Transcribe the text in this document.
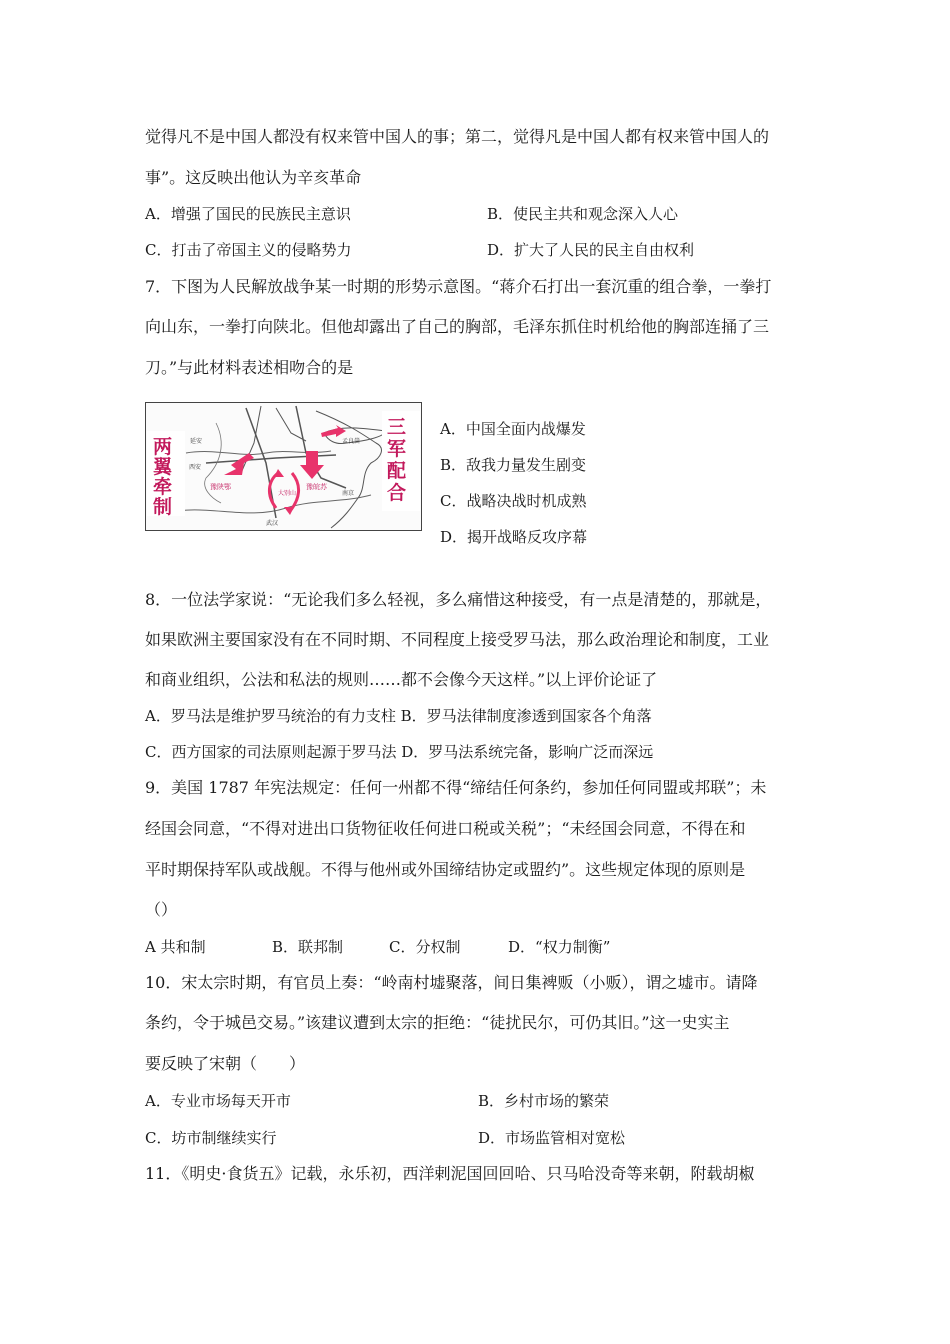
觉得凡不是中国人都没有权来管中国人的事；第二，觉得凡是中国人都有权来管中国人的
事”。这反映出他认为辛亥革命
A．增强了国民的民族民主意识	B．使民主共和观念深入人心
C．打击了帝国主义的侵略势力	D．扩大了人民的民主自由权利
7．下图为人民解放战争某一时期的形势示意图。“蒋介石打出一套沉重的组合拳，一拳打
向山东，一拳打向陕北。但他却露出了自己的胸部，毛泽东抓住时机给他的胸部连捅了三
刀。”与此材料表述相吻合的是
两
翼
牵
制
三
军
配
合
延安
西安
孟良崮
豫陕鄂
大别山
豫皖苏
南京
武汉
A．中国全面内战爆发
B．敌我力量发生剧变
C．战略决战时机成熟
D．揭开战略反攻序幕
8．一位法学家说：“无论我们多么轻视，多么痛惜这种接受，有一点是清楚的，那就是，
如果欧洲主要国家没有在不同时期、不同程度上接受罗马法，那么政治理论和制度，工业
和商业组织，公法和私法的规则……都不会像今天这样。”以上评价论证了
A．罗马法是维护罗马统治的有力支柱 B．罗马法律制度渗透到国家各个角落
C．西方国家的司法原则起源于罗马法 D．罗马法系统完备，影响广泛而深远
9．美国 1787 年宪法规定：任何一州都不得“缔结任何条约，参加任何同盟或邦联”；未
经国会同意，“不得对进出口货物征收任何进口税或关税”；“未经国会同意，不得在和
平时期保持军队或战舰。不得与他州或外国缔结协定或盟约”。这些规定体现的原则是
（）
A 共和制	B．联邦制	C．分权制	D．“权力制衡”
10．宋太宗时期，有官员上奏：“岭南村墟聚落，间日集裨贩（小贩），谓之墟市。请降
条约，令于城邑交易。”该建议遭到太宗的拒绝：“徒扰民尔，可仍其旧。”这一史实主
要反映了宋朝（　　）
A．专业市场每天开市	B．乡村市场的繁荣
C．坊市制继续实行	D．市场监管相对宽松
11．《明史·食货五》记载，永乐初，西洋剌泥国回回哈、只马哈没奇等来朝，附载胡椒
